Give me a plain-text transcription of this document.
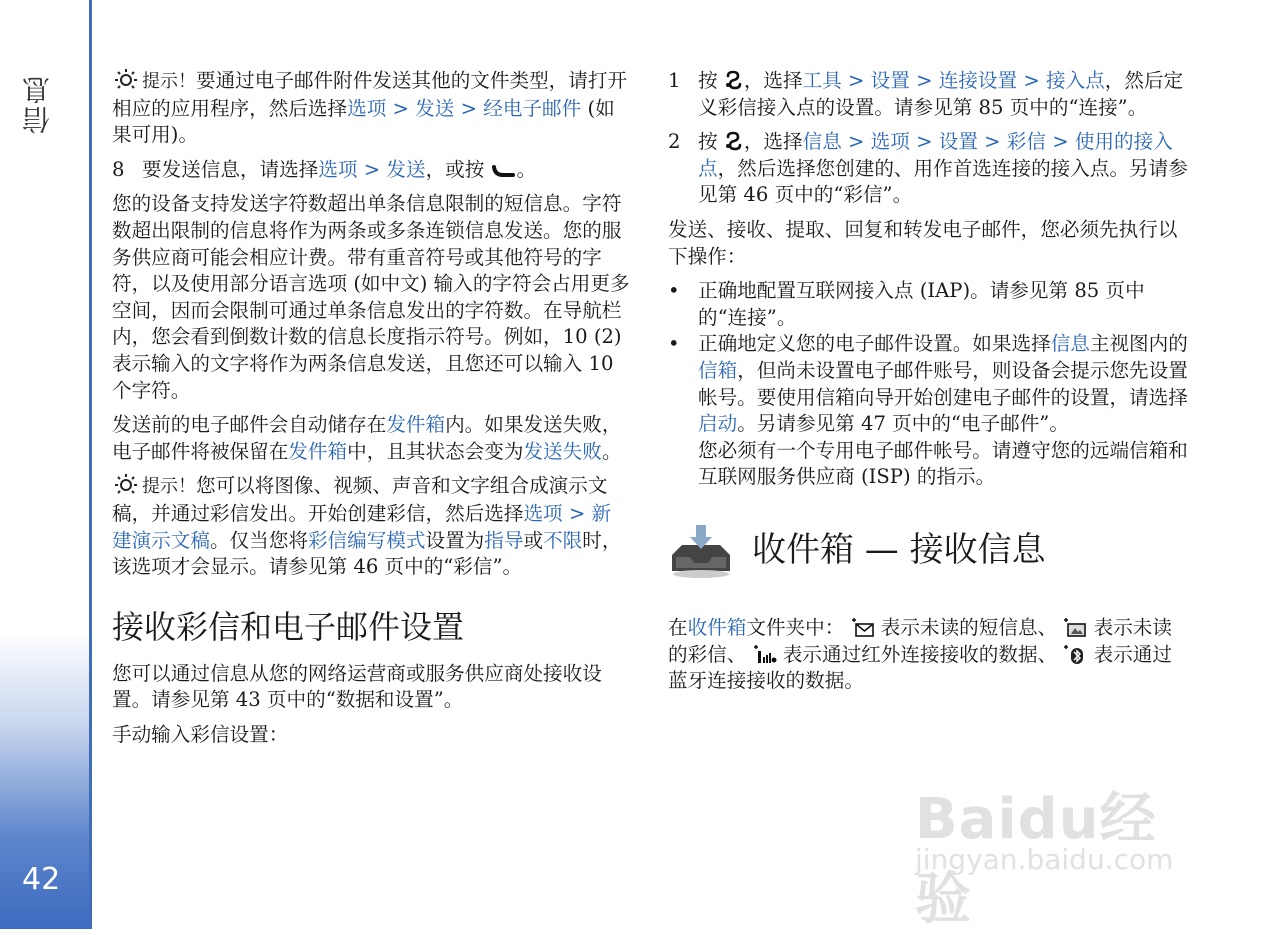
信息
42

提示！要通过电子邮件附件发送其他的文件类型，请打开相应的应用程序，然后选择选项 > 发送 > 经电子邮件 (如果可用)。

8 要发送信息，请选择选项 > 发送，或按 。

您的设备支持发送字符数超出单条信息限制的短信息。字符数超出限制的信息将作为两条或多条连锁信息发送。您的服务供应商可能会相应计费。带有重音符号或其他符号的字符，以及使用部分语言选项 (如中文) 输入的字符会占用更多空间，因而会限制可通过单条信息发出的字符数。在导航栏内，您会看到倒数计数的信息长度指示符号。例如，10 (2) 表示输入的文字将作为两条信息发送，且您还可以输入 10 个字符。

发送前的电子邮件会自动储存在发件箱内。如果发送失败，电子邮件将被保留在发件箱中，且其状态会变为发送失败。

提示！您可以将图像、视频、声音和文字组合成演示文稿，并通过彩信发出。开始创建彩信，然后选择选项 > 新建演示文稿。仅当您将彩信编写模式设置为指导或不限时，该选项才会显示。请参见第 46 页中的“彩信”。

接收彩信和电子邮件设置

您可以通过信息从您的网络运营商或服务供应商处接收设置。请参见第 43 页中的“数据和设置”。

手动输入彩信设置：

1 按 ，选择工具 > 设置 > 连接设置 > 接入点，然后定义彩信接入点的设置。请参见第 85 页中的“连接”。
2 按 ，选择信息 > 选项 > 设置 > 彩信 > 使用的接入点，然后选择您创建的、用作首选连接的接入点。另请参见第 46 页中的“彩信”。

发送、接收、提取、回复和转发电子邮件，您必须先执行以下操作：

• 正确地配置互联网接入点 (IAP)。请参见第 85 页中的“连接”。
• 正确地定义您的电子邮件设置。如果选择信息主视图内的信箱，但尚未设置电子邮件账号，则设备会提示您先设置帐号。要使用信箱向导开始创建电子邮件的设置，请选择启动。另请参见第 47 页中的“电子邮件”。
您必须有一个专用电子邮件帐号。请遵守您的远端信箱和互联网服务供应商 (ISP) 的指示。
收件箱 — 接收信息

在收件箱文件夹中：  表示未读的短信息、  表示未读的彩信、  表示通过红外连接接收的数据、  表示通过蓝牙连接接收的数据。

Baidu经验
jingyan.baidu.com
